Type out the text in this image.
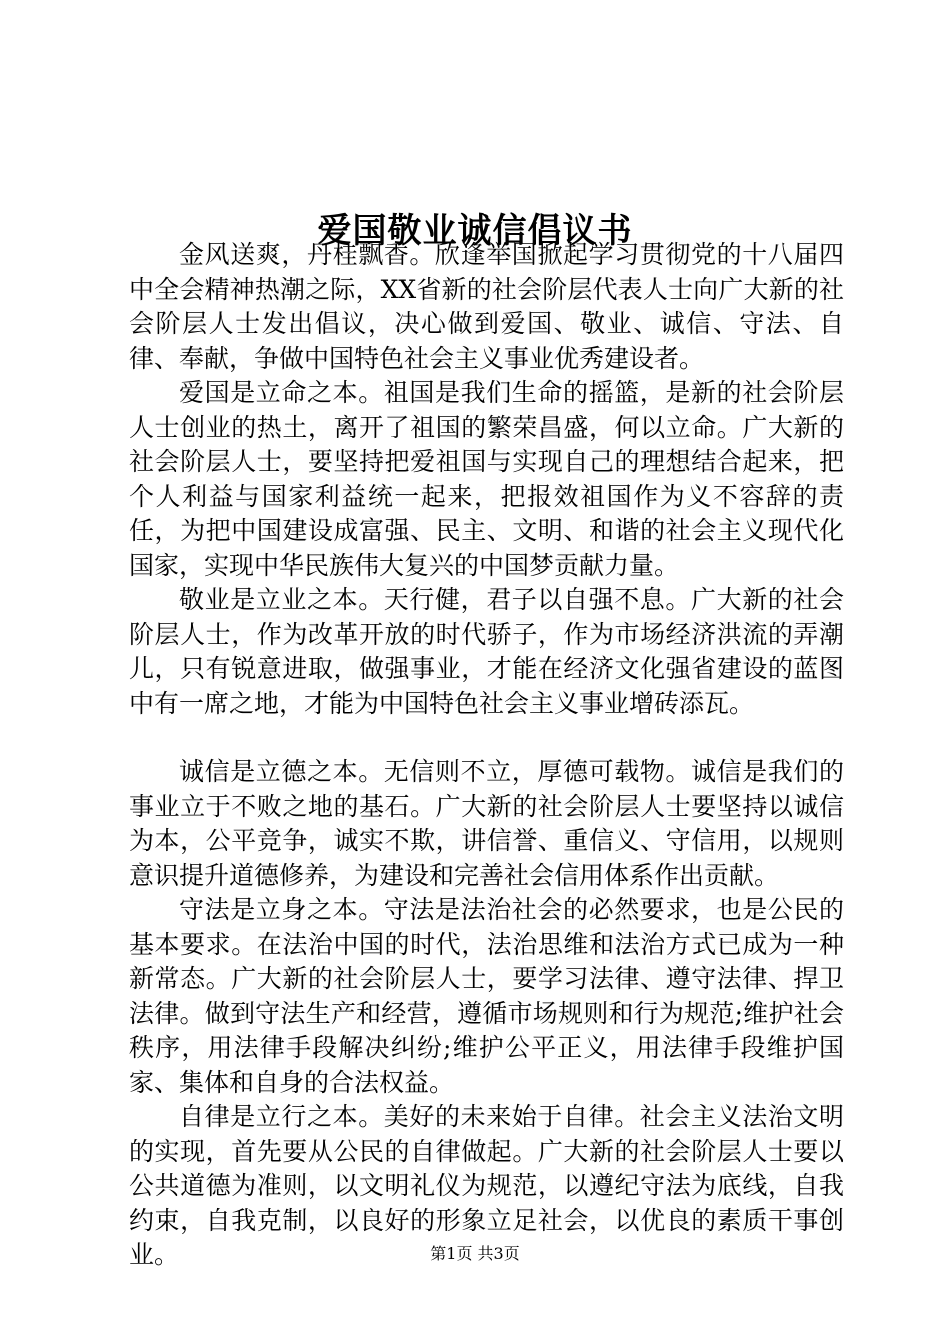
爱国敬业诚信倡议书

金风送爽，丹桂飘香。欣逢举国掀起学习贯彻党的十八届四中全会精神热潮之际，XX省新的社会阶层代表人士向广大新的社会阶层人士发出倡议，决心做到爱国、敬业、诚信、守法、自律、奉献，争做中国特色社会主义事业优秀建设者。

爱国是立命之本。祖国是我们生命的摇篮，是新的社会阶层人士创业的热土，离开了祖国的繁荣昌盛，何以立命。广大新的社会阶层人士，要坚持把爱祖国与实现自己的理想结合起来，把个人利益与国家利益统一起来，把报效祖国作为义不容辞的责任，为把中国建设成富强、民主、文明、和谐的社会主义现代化国家，实现中华民族伟大复兴的中国梦贡献力量。

敬业是立业之本。天行健，君子以自强不息。广大新的社会阶层人士，作为改革开放的时代骄子，作为市场经济洪流的弄潮儿，只有锐意进取，做强事业，才能在经济文化强省建设的蓝图中有一席之地，才能为中国特色社会主义事业增砖添瓦。

诚信是立德之本。无信则不立，厚德可载物。诚信是我们的事业立于不败之地的基石。广大新的社会阶层人士要坚持以诚信为本，公平竞争，诚实不欺，讲信誉、重信义、守信用，以规则意识提升道德修养，为建设和完善社会信用体系作出贡献。

守法是立身之本。守法是法治社会的必然要求，也是公民的基本要求。在法治中国的时代，法治思维和法治方式已成为一种新常态。广大新的社会阶层人士，要学习法律、遵守法律、捍卫法律。做到守法生产和经营，遵循市场规则和行为规范;维护社会秩序，用法律手段解决纠纷;维护公平正义，用法律手段维护国家、集体和自身的合法权益。

自律是立行之本。美好的未来始于自律。社会主义法治文明的实现，首先要从公民的自律做起。广大新的社会阶层人士要以公共道德为准则，以文明礼仪为规范，以遵纪守法为底线，自我约束，自我克制，以良好的形象立足社会，以优良的素质干事创业。	第1页 共3页
